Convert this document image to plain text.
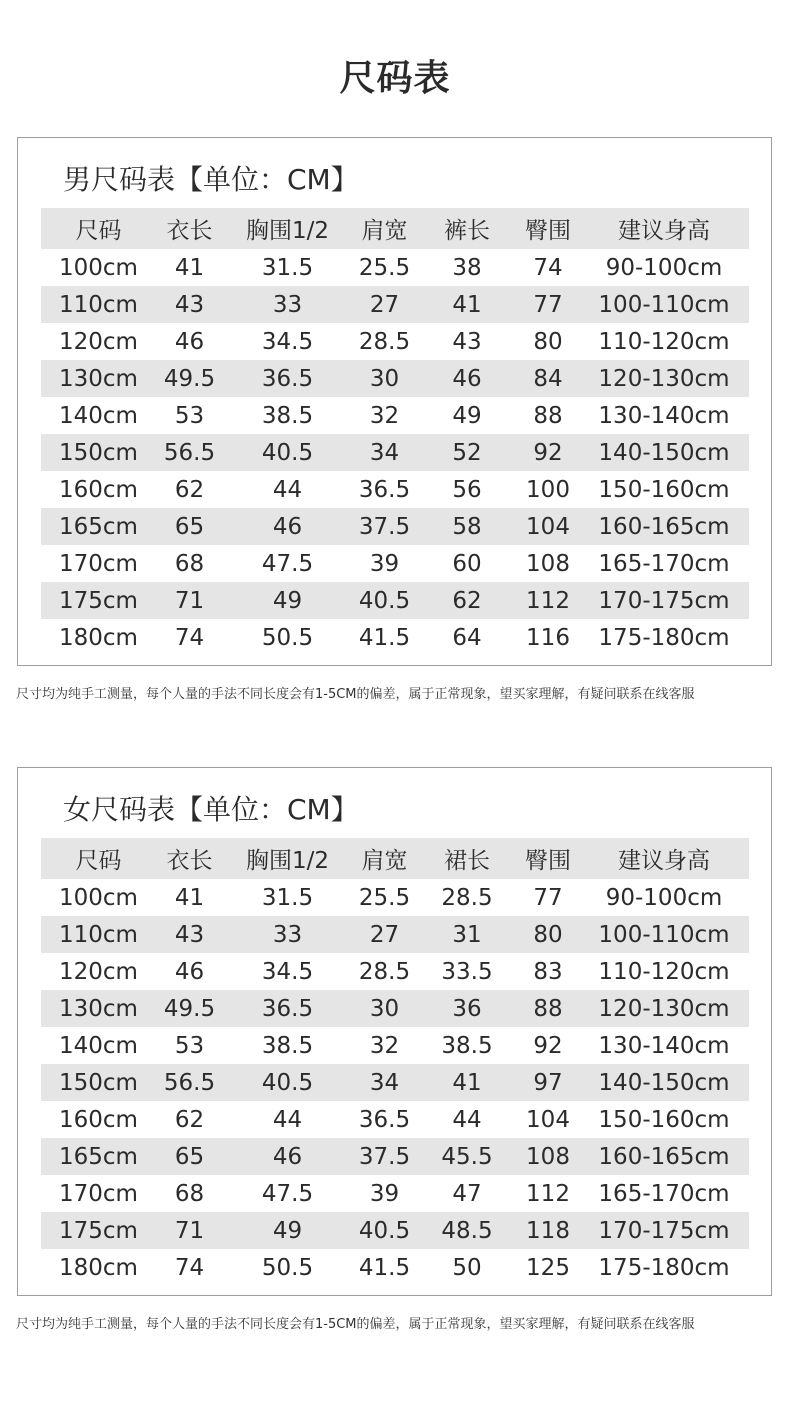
尺码表
男尺码表【单位：CM】
尺码	衣长	胸围1/2	肩宽	裤长	臀围	建议身高
100cm	41	31.5	25.5	38	74	90-100cm
110cm	43	33	27	41	77	100-110cm
120cm	46	34.5	28.5	43	80	110-120cm
130cm	49.5	36.5	30	46	84	120-130cm
140cm	53	38.5	32	49	88	130-140cm
150cm	56.5	40.5	34	52	92	140-150cm
160cm	62	44	36.5	56	100	150-160cm
165cm	65	46	37.5	58	104	160-165cm
170cm	68	47.5	39	60	108	165-170cm
175cm	71	49	40.5	62	112	170-175cm
180cm	74	50.5	41.5	64	116	175-180cm
尺寸均为纯手工测量，每个人量的手法不同长度会有1-5CM的偏差，属于正常现象，望买家理解，有疑问联系在线客服
女尺码表【单位：CM】
尺码	衣长	胸围1/2	肩宽	裙长	臀围	建议身高
100cm	41	31.5	25.5	28.5	77	90-100cm
110cm	43	33	27	31	80	100-110cm
120cm	46	34.5	28.5	33.5	83	110-120cm
130cm	49.5	36.5	30	36	88	120-130cm
140cm	53	38.5	32	38.5	92	130-140cm
150cm	56.5	40.5	34	41	97	140-150cm
160cm	62	44	36.5	44	104	150-160cm
165cm	65	46	37.5	45.5	108	160-165cm
170cm	68	47.5	39	47	112	165-170cm
175cm	71	49	40.5	48.5	118	170-175cm
180cm	74	50.5	41.5	50	125	175-180cm
尺寸均为纯手工测量，每个人量的手法不同长度会有1-5CM的偏差，属于正常现象，望买家理解，有疑问联系在线客服
